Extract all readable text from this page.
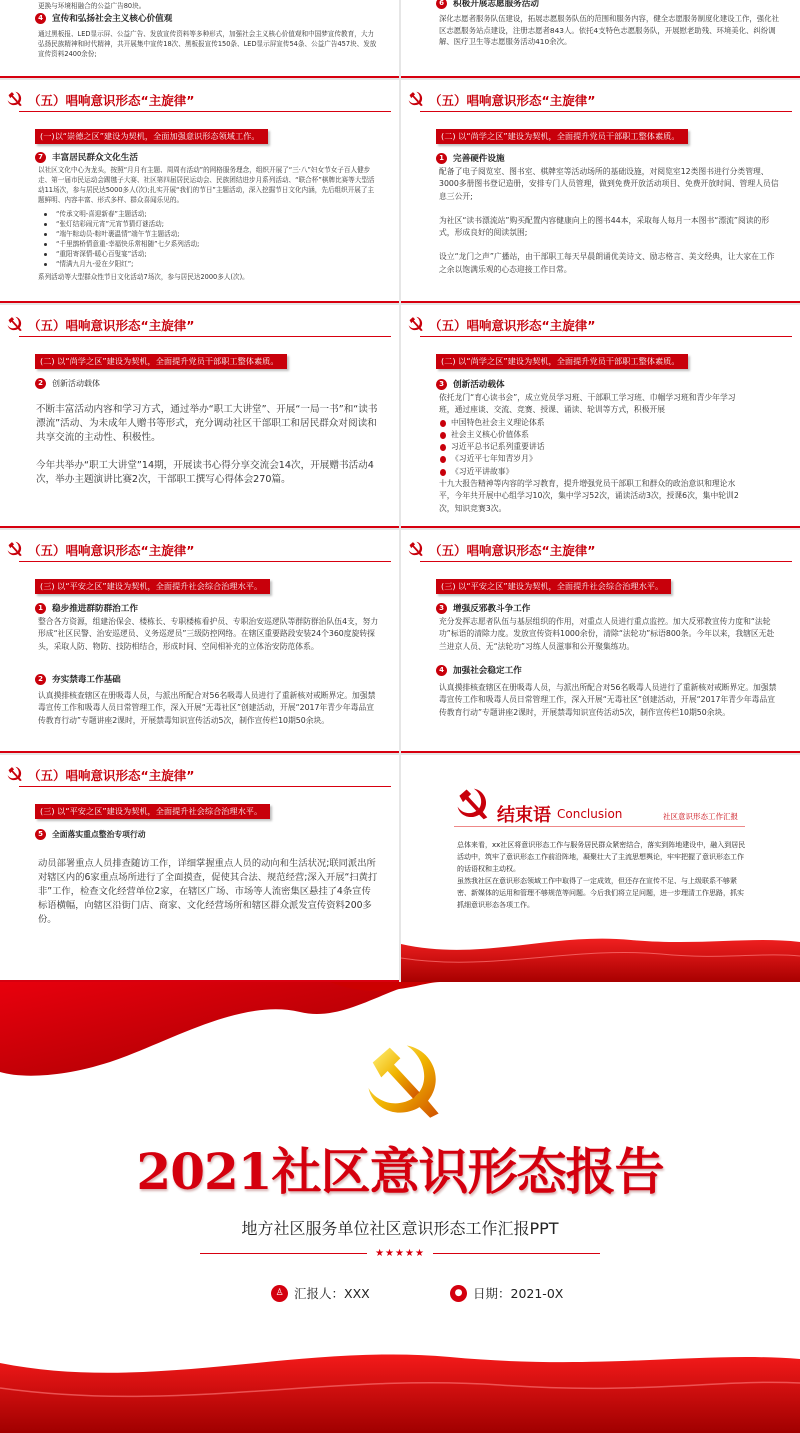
更换与环境相融合的公益广告80块。
4	宣传和弘扬社会主义核心价值观
通过黑板报、LED显示屏、公益广告、发放宣传资料等多种形式，加强社会主义核心价值观和中国梦宣传教育，大力弘扬民族精神和时代精神，共开展集中宣传18次、黑板报宣传150条、LED显示屏宣传54条、公益广告457块、发放宣传资料2400余份;
6	积极开展志愿服务活动
深化志愿者服务队伍建设，拓展志愿服务队伍的范围和服务内容，健全志愿服务制度化建设工作，强化社区志愿服务站点建设，注册志愿者843人。依托4支特色志愿服务队，开展慰老助残、环境美化、纠纷调解、医疗卫生等志愿服务活动410余次。
（五）唱响意识形态“主旋律”
(一)以“崇德之区”建设为契机，全面加强意识形态领域工作。
7	丰富居民群众文化生活

以社区文化中心为龙头，按照“月月有主题、周周有活动”的网格服务理念，组织开展了“三·八”妇女节女子百人健步走、第一届市民运动会踢毽子大赛、社区第四届居民运动会、民族团结进步月系列活动、“联合杯”棋牌比赛等大型活动11场次，参与居民达5000多人(次);扎实开展“我们的节日”主题活动，深入挖掘节日文化内涵，先后组织开展了主题鲜明、内容丰富、形式多样、群众喜闻乐见的。

“传承文明-喜迎新春”主题活动;
“张灯结彩闹元宵”元宵节猜灯谜活动;
“端午粽动员-粽叶裹温情”端午节主题活动;
“千里鹊桥情意重-幸福快乐常相随”七夕系列活动;
“重阳寄深情-暖心百叟宴”活动;
“情满九月九-爱在夕阳红”;

系列活动等大型群众性节日文化活动7场次，参与居民达2000多人(次)。

（五）唱响意识形态“主旋律”
(二) 以“尚学之区”建设为契机，全面提升党员干部职工整体素质。
1	完善硬件设施

配备了电子阅览室、图书室、棋牌室等活动场所的基础设施，对阅览室12类图书进行分类管理、3000多册图书登记造册，安排专门人员管理，做到免费开放活动项目、免费开放时间、管理人员信息三公开;

为社区“读书漂流站”购买配置内容健康向上的图书44本，采取每人每月一本图书“漂流”阅读的形式，形成良好的阅读氛围;

设立“龙门之声”广播站，由干部职工每天早晨朗诵优美诗文、励志格言、美文经典，让大家在工作之余以饱满乐观的心态迎接工作日常。

（五）唱响意识形态“主旋律”
(二) 以“尚学之区”建设为契机，全面提升党员干部职工整体素质。
2	创新活动载体

不断丰富活动内容和学习方式，通过举办“职工大讲堂”、开展“一局一书”和“读书漂流”活动、为未成年人赠书等形式，充分调动社区干部职工和居民群众对阅读和共享交流的主动性、积极性。

今年共举办“职工大讲堂”14期，开展读书心得分享交流会14次，开展赠书活动4次，举办主题演讲比赛2次，干部职工撰写心得体会270篇。

（五）唱响意识形态“主旋律”
(二) 以“尚学之区”建设为契机，全面提升党员干部职工整体素质。
3	创新活动载体

依托龙门“育心读书会”，成立党员学习班、干部职工学习班、巾帼学习班和青少年学习班，通过座谈、交流、竞赛、授课、诵读、轮训等方式，积极开展

中国特色社会主义理论体系
社会主义核心价值体系
习近平总书记系列重要讲话
《习近平七年知青岁月》
《习近平讲故事》

十九大报告精神等内容的学习教育，提升增强党员干部职工和群众的政治意识和理论水平，今年共开展中心组学习10次，集中学习52次，诵读活动3次，授课6次，集中轮训2次，知识竞赛3次。

（五）唱响意识形态“主旋律”
(三) 以“平安之区”建设为契机，全面提升社会综合治理水平。
1	稳步推进群防群治工作
整合各方资源，组建治保会、楼栋长、专职楼栋看护员、专职治安巡逻队等群防群治队伍4支，努力形成“社区民警、治安巡逻员、义务巡逻员”三级防控网络。在辖区重要路段安装24个360度旋转探头，采取人防、物防、技防相结合，形成时间、空间相补充的立体治安防范体系。
2	夯实禁毒工作基础
认真摸排核查辖区在册吸毒人员，与派出所配合对56名吸毒人员进行了重新核对戒断界定。加强禁毒宣传工作和吸毒人员日常管理工作，深入开展“无毒社区”创建活动，开展“2017年青少年毒品宣传教育行动”专题讲座2课时，开展禁毒知识宣传活动5次，制作宣传栏10期50余块。
（五）唱响意识形态“主旋律”
(三) 以“平安之区”建设为契机，全面提升社会综合治理水平。
3	增强反邪教斗争工作
充分发挥志愿者队伍与基层组织的作用，对重点人员进行重点监控。加大反邪教宣传力度和“法轮功”标语的清除力度。发放宣传资料1000余份，清除“法轮功”标语800条。今年以来，我辖区无赴兰进京人员、无“法轮功”习练人员滋事和公开聚集练功。
4	加强社会稳定工作
认真摸排核查辖区在册吸毒人员，与派出所配合对56名吸毒人员进行了重新核对戒断界定。加强禁毒宣传工作和吸毒人员日常管理工作，深入开展“无毒社区”创建活动，开展“2017年青少年毒品宣传教育行动”专题讲座2课时，开展禁毒知识宣传活动5次，制作宣传栏10期50余块。
（五）唱响意识形态“主旋律”
(三) 以“平安之区”建设为契机，全面提升社会综合治理水平。
5	全面落实重点整治专项行动
动员部署重点人员排查随访工作，详细掌握重点人员的动向和生活状况;联同派出所对辖区内的6家重点场所进行了全面摸查，促使其合法、规范经营;深入开展“扫黄打非”工作，检查文化经营单位2家，在辖区广场、市场等人流密集区悬挂了4条宣传标语横幅，向辖区沿街门店、商家、文化经营场所和辖区群众派发宣传资料200多份。
结束语 Conclusion	社区意识形态工作汇报

总体来看，xx社区将意识形态工作与服务居民群众紧密结合，落实到阵地建设中，融入到居民活动中，筑牢了意识形态工作前沿阵地，凝聚壮大了主流思想舆论，牢牢把握了意识形态工作的话语权和主动权。

虽然我社区在意识形态领域工作中取得了一定成效，但还存在宣传不足、与上级联系不够紧密、新媒体的运用和管理不够规范等问题。今后我们将立足问题，进一步理清工作思路，抓实抓细意识形态各项工作。

2021社区意识形态报告
地方社区服务单位社区意识形态工作汇报PPT
★★★★★
♙ 汇报人：XXX	● 日期：2021-0X
